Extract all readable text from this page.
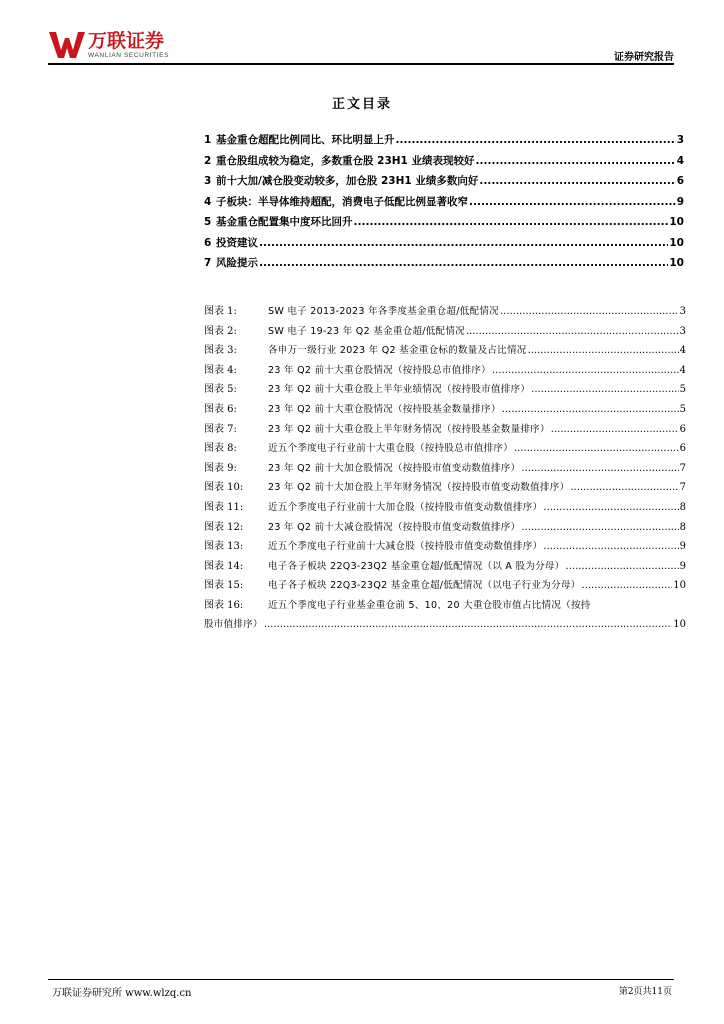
万联证券
WANLIAN SECURITIES	证券研究报告
正文目录
1 基金重仓超配比例同比、环比明显上升 .....	3
2 重仓股组成较为稳定，多数重仓股 23H1 业绩表现较好 .....	4
3 前十大加/减仓股变动较多，加仓股 23H1 业绩多数向好 .....	6
4 子板块：半导体维持超配，消费电子低配比例显著收窄 .....	9
5 基金重仓配置集中度环比回升 .....	10
6 投资建议 .....	10
7 风险提示 .....	10
图表 1:	SW 电子 2013-2023 年各季度基金重仓超/低配情况 .....	3
图表 2:	SW 电子 19-23 年 Q2 基金重仓超/低配情况 .....	3
图表 3:	各申万一级行业 2023 年 Q2 基金重仓标的数量及占比情况 .....	4
图表 4:	23 年 Q2 前十大重仓股情况（按持股总市值排序） .....	4
图表 5:	23 年 Q2 前十大重仓股上半年业绩情况（按持股市值排序） .....	5
图表 6:	23 年 Q2 前十大重仓股情况（按持股基金数量排序） .....	5
图表 7:	23 年 Q2 前十大重仓股上半年财务情况（按持股基金数量排序） .....	6
图表 8:	近五个季度电子行业前十大重仓股（按持股总市值排序） .....	6
图表 9:	23 年 Q2 前十大加仓股情况（按持股市值变动数值排序） .....	7
图表 10:	23 年 Q2 前十大加仓股上半年财务情况（按持股市值变动数值排序） .....	7
图表 11:	近五个季度电子行业前十大加仓股（按持股市值变动数值排序） .....	8
图表 12:	23 年 Q2 前十大减仓股情况（按持股市值变动数值排序） .....	8
图表 13:	近五个季度电子行业前十大减仓股（按持股市值变动数值排序） .....	9
图表 14:	电子各子板块 22Q3-23Q2 基金重仓超/低配情况（以 A 股为分母） .....	9
图表 15:	电子各子板块 22Q3-23Q2 基金重仓超/低配情况（以电子行业为分母） .....	10
图表 16:	近五个季度电子行业基金重仓前 5、10、20 大重仓股市值占比情况（按持
股市值排序） .....	10
万联证券研究所 www.wlzq.cn	第2页共11页
